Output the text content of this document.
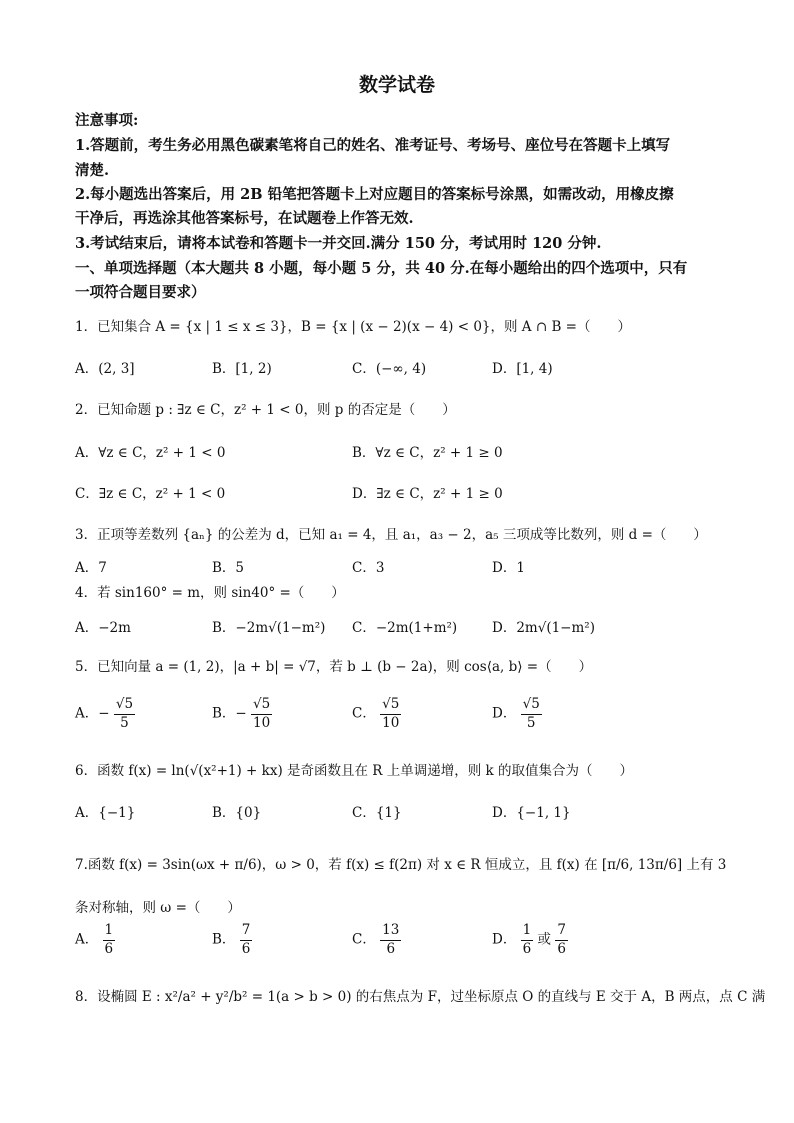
数学试卷
注意事项:
1.答题前，考生务必用黑色碳素笔将自己的姓名、准考证号、考场号、座位号在答题卡上填写
清楚.
2.每小题选出答案后，用 2B 铅笔把答题卡上对应题目的答案标号涂黑，如需改动，用橡皮擦
干净后，再选涂其他答案标号，在试题卷上作答无效.
3.考试结束后，请将本试卷和答题卡一并交回.满分 150 分，考试用时 120 分钟.
一、单项选择题（本大题共 8 小题，每小题 5 分，共 40 分.在每小题给出的四个选项中，只有
一项符合题目要求）
1．已知集合 A = {x | 1 ≤ x ≤ 3}，B = {x | (x − 2)(x − 4) < 0}，则 A ∩ B =（　　）
A．(2, 3]	B．[1, 2)	C．(−∞, 4)	D．[1, 4)
2．已知命题 p : ∃z ∈ C，z² + 1 < 0，则 p 的否定是（　　）
A．∀z ∈ C，z² + 1 < 0	B．∀z ∈ C，z² + 1 ≥ 0
C．∃z ∈ C，z² + 1 < 0	D．∃z ∈ C，z² + 1 ≥ 0
3．正项等差数列 {aₙ} 的公差为 d，已知 a₁ = 4，且 a₁，a₃ − 2，a₅ 三项成等比数列，则 d =（　　）
A．7	B．5	C．3	D．1
4．若 sin160° = m，则 sin40° =（　　）
A．−2m	B．−2m√(1−m²) C．−2m(1+m²)	D．2m√(1−m²)
5．已知向量 a = (1, 2)，|a + b| = √7，若 b ⊥ (b − 2a)，则 cos⟨a, b⟩ =（　　）
A．− $\frac{√5}{5}$	B．− $\frac{√5}{10}$	C． $\frac{√5}{10}$	D． $\frac{√5}{5}$
6．函数 f(x) = ln(√(x²+1) + kx) 是奇函数且在 R 上单调递增，则 k 的取值集合为（　　）
A．{−1}	B．{0}	C．{1}	D．{−1, 1}
7.函数 f(x) = 3sin(ωx + π/6)，ω > 0，若 f(x) ≤ f(2π) 对 x ∈ R 恒成立，且 f(x) 在 [π/6, 13π/6] 上有 3
条对称轴，则 ω =（　　）
A． $\frac{1}{6}$	B． $\frac{7}{6}$	C． $\frac{13}{6}$	D． $\frac{1}{6}$ 或 $\frac{7}{6}$
8．设椭圆 E : x²/a² + y²/b² = 1(a > b > 0) 的右焦点为 F，过坐标原点 O 的直线与 E 交于 A，B 两点，点 C 满
